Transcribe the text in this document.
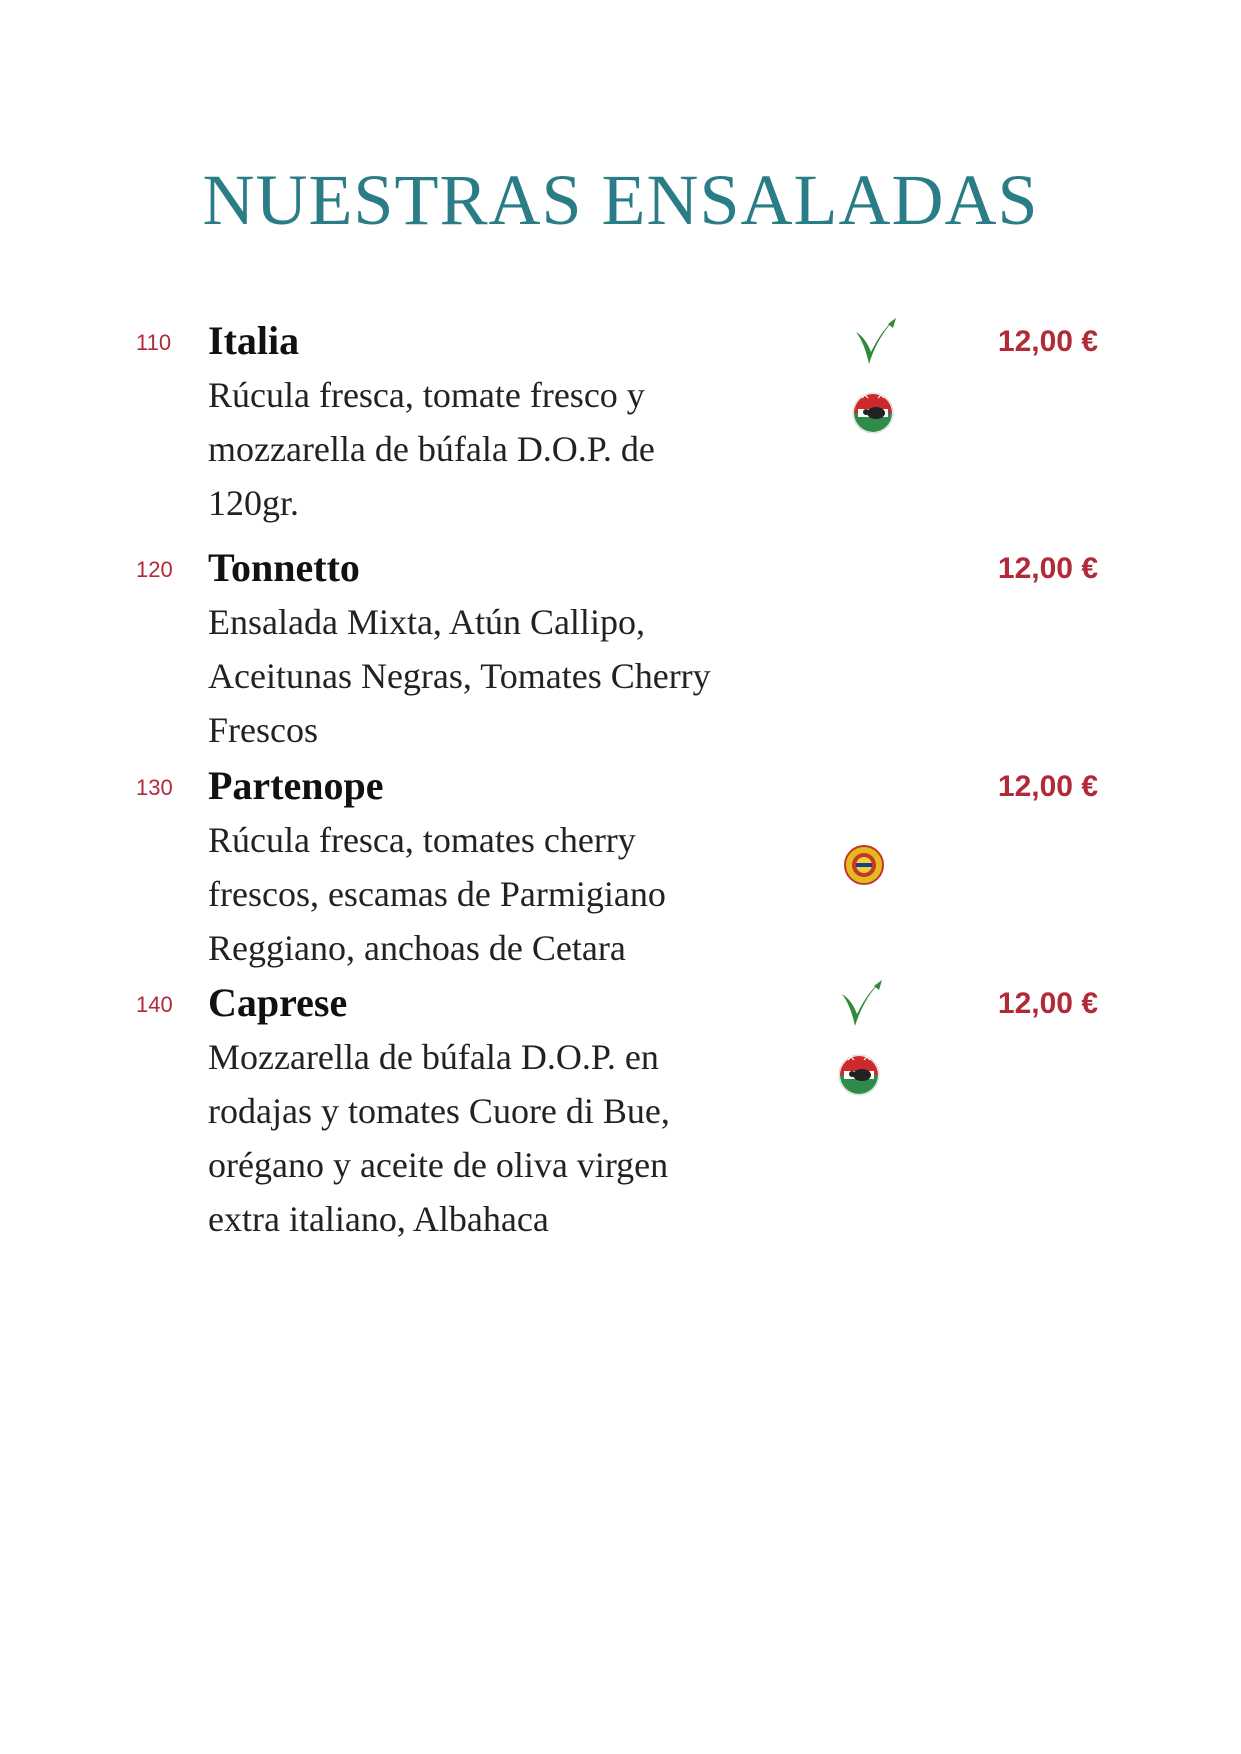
NUESTRAS ENSALADAS
110 Italia
Rúcula fresca, tomate fresco y
mozzarella de búfala D.O.P. de
120gr.
12,00 €
120 Tonnetto
Ensalada Mixta, Atún Callipo,
Aceitunas Negras, Tomates Cherry
Frescos
12,00 €
130 Partenope
Rúcula fresca, tomates cherry
frescos, escamas de Parmigiano
Reggiano, anchoas de Cetara
12,00 €
140 Caprese
Mozzarella de búfala D.O.P. en
rodajas y tomates Cuore di Bue,
orégano y aceite de oliva virgen
extra italiano, Albahaca
12,00 €
